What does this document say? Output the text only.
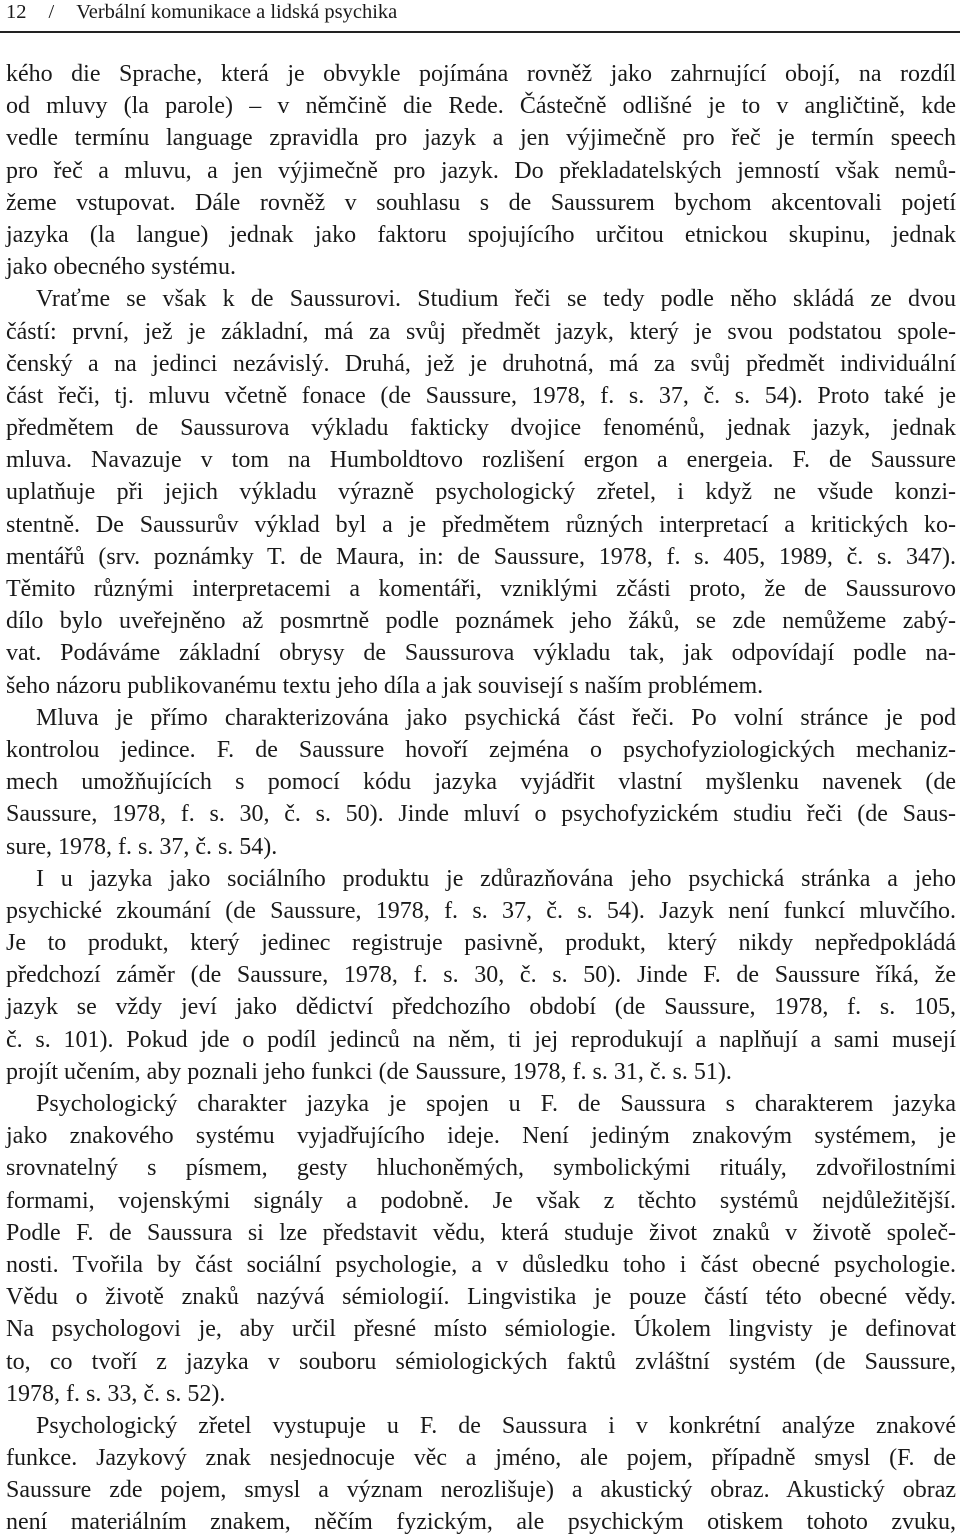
12 / Verbální komunikace a lidská psychika
kého die Sprache, která je obvykle pojímána rovněž jako zahrnující obojí, na rozdíl
od mluvy (la parole) – v němčině die Rede. Částečně odlišné je to v angličtině, kde
vedle termínu language zpravidla pro jazyk a jen výjimečně pro řeč je termín speech
pro řeč a mluvu, a jen výjimečně pro jazyk. Do překladatelských jemností však nemů-
žeme vstupovat. Dále rovněž v souhlasu s de Saussurem bychom akcentovali pojetí
jazyka (la langue) jednak jako faktoru spojujícího určitou etnickou skupinu, jednak
jako obecného systému.
Vraťme se však k de Saussurovi. Studium řeči se tedy podle něho skládá ze dvou
částí: první, jež je základní, má za svůj předmět jazyk, který je svou podstatou spole-
čenský a na jedinci nezávislý. Druhá, jež je druhotná, má za svůj předmět individuální
část řeči, tj. mluvu včetně fonace (de Saussure, 1978, f. s. 37, č. s. 54). Proto také je
předmětem de Saussurova výkladu fakticky dvojice fenoménů, jednak jazyk, jednak
mluva. Navazuje v tom na Humboldtovo rozlišení ergon a energeia. F. de Saussure
uplatňuje při jejich výkladu výrazně psychologický zřetel, i když ne všude konzi-
stentně. De Saussurův výklad byl a je předmětem různých interpretací a kritických ko-
mentářů (srv. poznámky T. de Maura, in: de Saussure, 1978, f. s. 405, 1989, č. s. 347).
Těmito různými interpretacemi a komentáři, vzniklými zčásti proto, že de Saussurovo
dílo bylo uveřejněno až posmrtně podle poznámek jeho žáků, se zde nemůžeme zabý-
vat. Podáváme základní obrysy de Saussurova výkladu tak, jak odpovídají podle na-
šeho názoru publikovanému textu jeho díla a jak souvisejí s naším problémem.
Mluva je přímo charakterizována jako psychická část řeči. Po volní stránce je pod
kontrolou jedince. F. de Saussure hovoří zejména o psychofyziologických mechaniz-
mech umožňujících s pomocí kódu jazyka vyjádřit vlastní myšlenku navenek (de
Saussure, 1978, f. s. 30, č. s. 50). Jinde mluví o psychofyzickém studiu řeči (de Saus-
sure, 1978, f. s. 37, č. s. 54).
I u jazyka jako sociálního produktu je zdůrazňována jeho psychická stránka a jeho
psychické zkoumání (de Saussure, 1978, f. s. 37, č. s. 54). Jazyk není funkcí mluvčího.
Je to produkt, který jedinec registruje pasivně, produkt, který nikdy nepředpokládá
předchozí záměr (de Saussure, 1978, f. s. 30, č. s. 50). Jinde F. de Saussure říká, že
jazyk se vždy jeví jako dědictví předchozího období (de Saussure, 1978, f. s. 105,
č. s. 101). Pokud jde o podíl jedinců na něm, ti jej reprodukují a naplňují a sami musejí
projít učením, aby poznali jeho funkci (de Saussure, 1978, f. s. 31, č. s. 51).
Psychologický charakter jazyka je spojen u F. de Saussura s charakterem jazyka
jako znakového systému vyjadřujícího ideje. Není jediným znakovým systémem, je
srovnatelný s písmem, gesty hluchoněmých, symbolickými rituály, zdvořilostními
formami, vojenskými signály a podobně. Je však z těchto systémů nejdůležitější.
Podle F. de Saussura si lze představit vědu, která studuje život znaků v životě společ-
nosti. Tvořila by část sociální psychologie, a v důsledku toho i část obecné psychologie.
Vědu o životě znaků nazývá sémiologií. Lingvistika je pouze částí této obecné vědy.
Na psychologovi je, aby určil přesné místo sémiologie. Úkolem lingvisty je definovat
to, co tvoří z jazyka v souboru sémiologických faktů zvláštní systém (de Saussure,
1978, f. s. 33, č. s. 52).
Psychologický zřetel vystupuje u F. de Saussura i v konkrétní analýze znakové
funkce. Jazykový znak nesjednocuje věc a jméno, ale pojem, případně smysl (F. de
Saussure zde pojem, smysl a význam nerozlišuje) a akustický obraz. Akustický obraz
není materiálním znakem, něčím fyzickým, ale psychickým otiskem tohoto zvuku,
